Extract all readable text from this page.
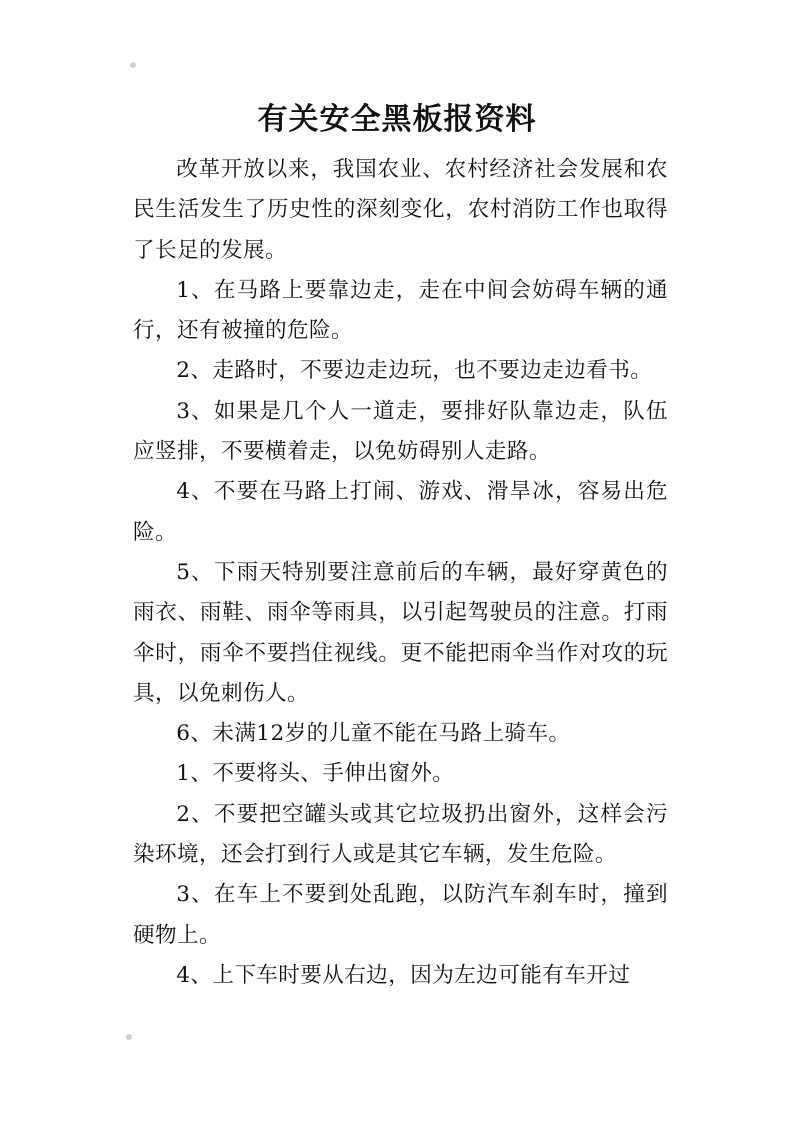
有关安全黑板报资料

改革开放以来，我国农业、农村经济社会发展和农民生活发生了历史性的深刻变化，农村消防工作也取得了长足的发展。

1、在马路上要靠边走，走在中间会妨碍车辆的通行，还有被撞的危险。

2、走路时，不要边走边玩，也不要边走边看书。

3、如果是几个人一道走，要排好队靠边走，队伍应竖排，不要横着走，以免妨碍别人走路。

4、不要在马路上打闹、游戏、滑旱冰，容易出危险。

5、下雨天特别要注意前后的车辆，最好穿黄色的雨衣、雨鞋、雨伞等雨具，以引起驾驶员的注意。打雨伞时，雨伞不要挡住视线。更不能把雨伞当作对攻的玩具，以免刺伤人。

6、未满12岁的儿童不能在马路上骑车。

1、不要将头、手伸出窗外。

2、不要把空罐头或其它垃圾扔出窗外，这样会污染环境，还会打到行人或是其它车辆，发生危险。

3、在车上不要到处乱跑，以防汽车刹车时，撞到硬物上。

4、上下车时要从右边，因为左边可能有车开过
